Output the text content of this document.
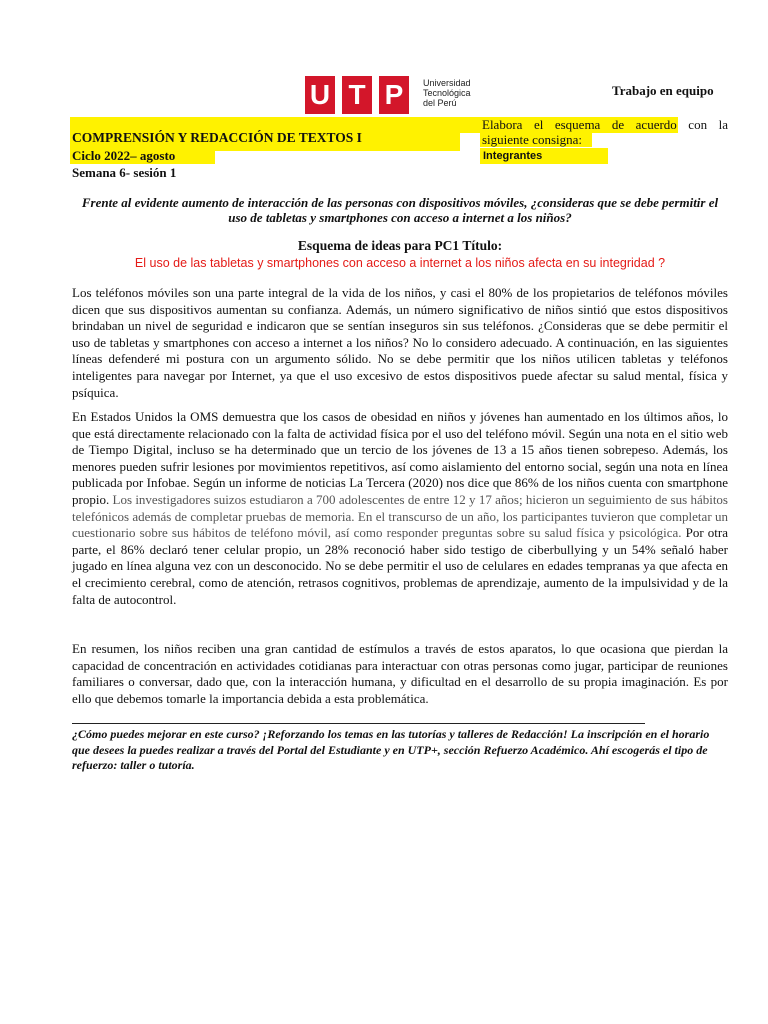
U T P	Universidad
Tecnológica
del Perú
Trabajo en equipo
COMPRENSIÓN Y REDACCIÓN DE TEXTOS I
Ciclo 2022– agosto
Semana 6- sesión 1
Elabora el esquema de acuerdo con la siguiente consigna:
Integrantes
Frente al evidente aumento de interacción de las personas con dispositivos móviles, ¿consideras que se debe permitir el uso de tabletas y smartphones con acceso a internet a los niños?
Esquema de ideas para PC1 Título:
El uso de las tabletas y smartphones con acceso a internet a los niños afecta en su integridad ?
Los teléfonos móviles son una parte integral de la vida de los niños, y casi el 80% de los propietarios de teléfonos móviles dicen que sus dispositivos aumentan su confianza. Además, un número significativo de niños sintió que estos dispositivos brindaban un nivel de seguridad e indicaron que se sentían inseguros sin sus teléfonos. ¿Consideras que se debe permitir el uso de tabletas y smartphones con acceso a internet a los niños? No lo considero adecuado. A continuación, en las siguientes líneas defenderé mi postura con un argumento sólido. No se debe permitir que los niños utilicen tabletas y teléfonos inteligentes para navegar por Internet, ya que el uso excesivo de estos dispositivos puede afectar su salud mental, física y psíquica.
En Estados Unidos la OMS demuestra que los casos de obesidad en niños y jóvenes han aumentado en los últimos años, lo que está directamente relacionado con la falta de actividad física por el uso del teléfono móvil. Según una nota en el sitio web de Tiempo Digital, incluso se ha determinado que un tercio de los jóvenes de 13 a 15 años tienen sobrepeso. Además, los menores pueden sufrir lesiones por movimientos repetitivos, así como aislamiento del entorno social, según una nota en línea publicada por Infobae. Según un informe de noticias La Tercera (2020) nos dice que 86% de los niños cuenta con smartphone propio. Los investigadores suizos estudiaron a 700 adolescentes de entre 12 y 17 años; hicieron un seguimiento de sus hábitos telefónicos además de completar pruebas de memoria. En el transcurso de un año, los participantes tuvieron que completar un cuestionario sobre sus hábitos de teléfono móvil, así como responder preguntas sobre su salud física y psicológica. Por otra parte, el 86% declaró tener celular propio, un 28% reconoció haber sido testigo de ciberbullying y un 54% señaló haber jugado en línea alguna vez con un desconocido. No se debe permitir el uso de celulares en edades tempranas ya que afecta en el crecimiento cerebral, como de atención, retrasos cognitivos, problemas de aprendizaje, aumento de la impulsividad y de la falta de autocontrol.
En resumen, los niños reciben una gran cantidad de estímulos a través de estos aparatos, lo que ocasiona que pierdan la capacidad de concentración en actividades cotidianas para interactuar con otras personas como jugar, participar de reuniones familiares o conversar, dado que, con la interacción humana, y dificultad en el desarrollo de su propia imaginación. Es por ello que debemos tomarle la importancia debida a esta problemática.
¿Cómo puedes mejorar en este curso? ¡Reforzando los temas en las tutorías y talleres de Redacción! La inscripción en el horario que desees la puedes realizar a través del Portal del Estudiante y en UTP+, sección Refuerzo Académico. Ahí escogerás el tipo de refuerzo: taller o tutoría.
